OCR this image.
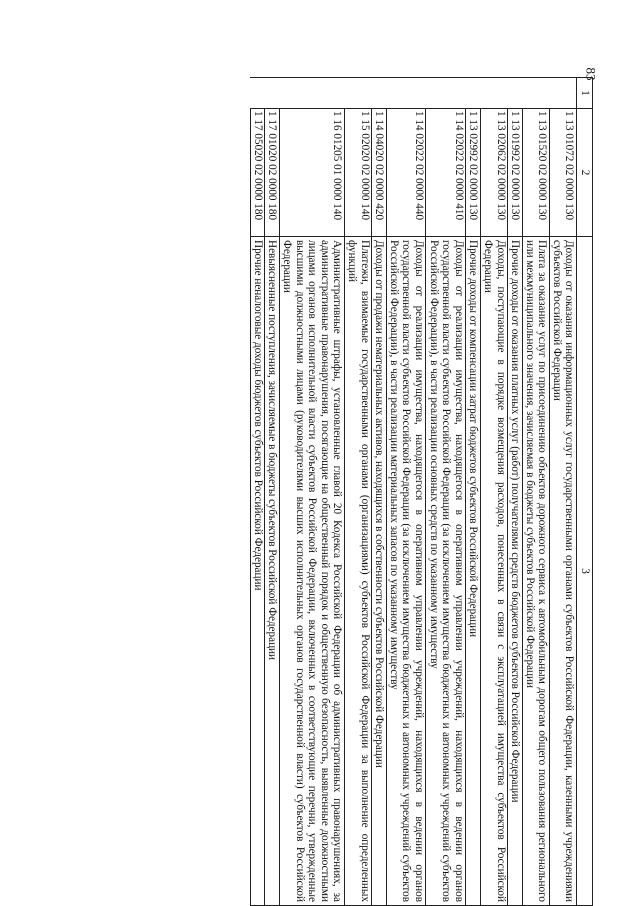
83
1	2	3
	1 13 01072 02 0000 130	Доходы от оказания информационных услуг государственными органами субъектов Российской Федерации, казенными учреждениями субъектов Российской Федерации
	1 13 01520 02 0000 130	Плата за оказание услуг по присоединению объектов дорожного сервиса к автомобильным дорогам общего пользования регионального или межмуниципального значения, зачисляемая в бюджеты субъектов Российской Федерации
	1 13 01992 02 0000 130	Прочие доходы от оказания платных услуг (работ) получателями средств бюджетов субъектов Российской Федерации
	1 13 02062 02 0000 130	Доходы, поступающие в порядке возмещения расходов, понесенных в связи с эксплуатацией имущества субъектов Российской Федерации
	1 13 02992 02 0000 130	Прочие доходы от компенсации затрат бюджетов субъектов Российской Федерации
	1 14 02022 02 0000 410	Доходы от реализации имущества, находящегося в оперативном управлении учреждений, находящихся в ведении органов государственной власти субъектов Российской Федерации (за исключением имущества бюджетных и автономных учреждений субъектов Российской Федерации), в части реализации основных средств по указанному имуществу
	1 14 02022 02 0000 440	Доходы от реализации имущества, находящегося в оперативном управлении учреждений, находящихся в ведении органов государственной власти субъектов Российской Федерации (за исключением имущества бюджетных и автономных учреждений субъектов Российской Федерации), в части реализации материальных запасов по указанному имуществу
	1 14 04020 02 0000 420	Доходы от продажи нематериальных активов, находящихся в собственности субъектов Российской Федерации
	1 15 02020 02 0000 140	Платежи, взимаемые государственными органами (организациями) субъектов Российской Федерации за выполнение определенных функций
	1 16 01205 01 0000 140	Административные штрафы, установленные главой 20 Кодекса Российской Федерации об административных правонарушениях, за административные правонарушения, посягающие на общественный порядок и общественную безопасность, выявленные должностными лицами органов исполнительной власти субъектов Российской Федерации, включенных в соответствующие перечни, утвержденные высшими должностными лицами (руководителями высших исполнительных органов государственной власти) субъектов Российской Федерации
	1 17 01020 02 0000 180	Невыясненные поступления, зачисляемые в бюджеты субъектов Российской Федерации
	1 17 05020 02 0000 180	Прочие неналоговые доходы бюджетов субъектов Российской Федерации
